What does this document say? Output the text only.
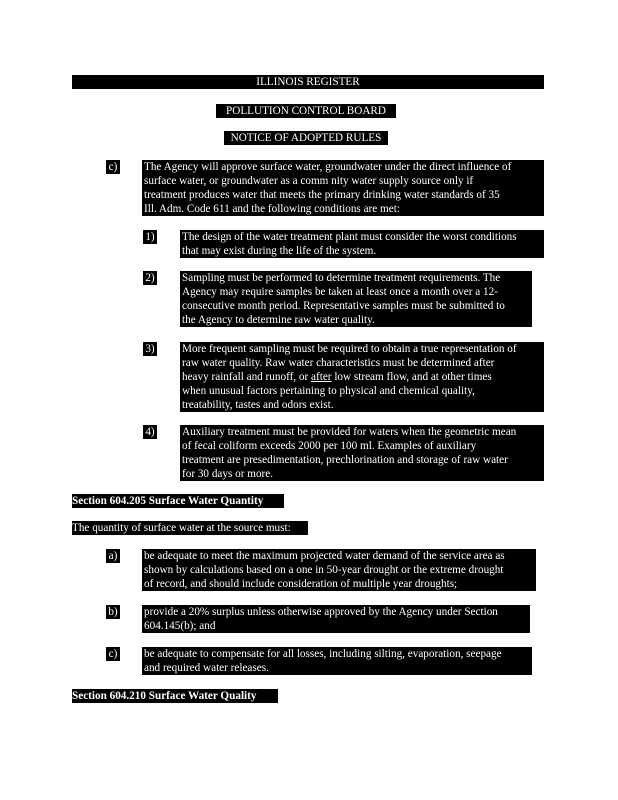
ILLINOIS REGISTER
POLLUTION CONTROL BOARD
NOTICE OF ADOPTED RULES
c) The Agency will approve surface water, groundwater under the direct influence of
surface water, or groundwater as a comm nity water supply source only if
treatment produces water that meets the primary drinking water standards of 35
Ill. Adm. Code 611 and the following conditions are met:
1) The design of the water treatment plant must consider the worst conditions
that may exist during the life of the system.
2) Sampling must be performed to determine treatment requirements. The
Agency may require samples be taken at least once a month over a 12-
consecutive month period. Representative samples must be submitted to
the Agency to determine raw water quality.
3) More frequent sampling must be required to obtain a true representation of
raw water quality. Raw water characteristics must be determined after
heavy rainfall and runoff, or after low stream flow, and at other times
when unusual factors pertaining to physical and chemical quality,
treatability, tastes and odors exist.
4) Auxiliary treatment must be provided for waters when the geometric mean
of fecal coliform exceeds 2000 per 100 ml. Examples of auxiliary
treatment are presedimentation, prechlorination and storage of raw water
for 30 days or more.
Section 604.205 Surface Water Quantity
The quantity of surface water at the source must:
a) be adequate to meet the maximum projected water demand of the service area as
shown by calculations based on a one in 50-year drought or the extreme drought
of record, and should include consideration of multiple year droughts;
b) provide a 20% surplus unless otherwise approved by the Agency under Section
604.145(b); and
c) be adequate to compensate for all losses, including silting, evaporation, seepage
and required water releases.
Section 604.210 Surface Water Quality
